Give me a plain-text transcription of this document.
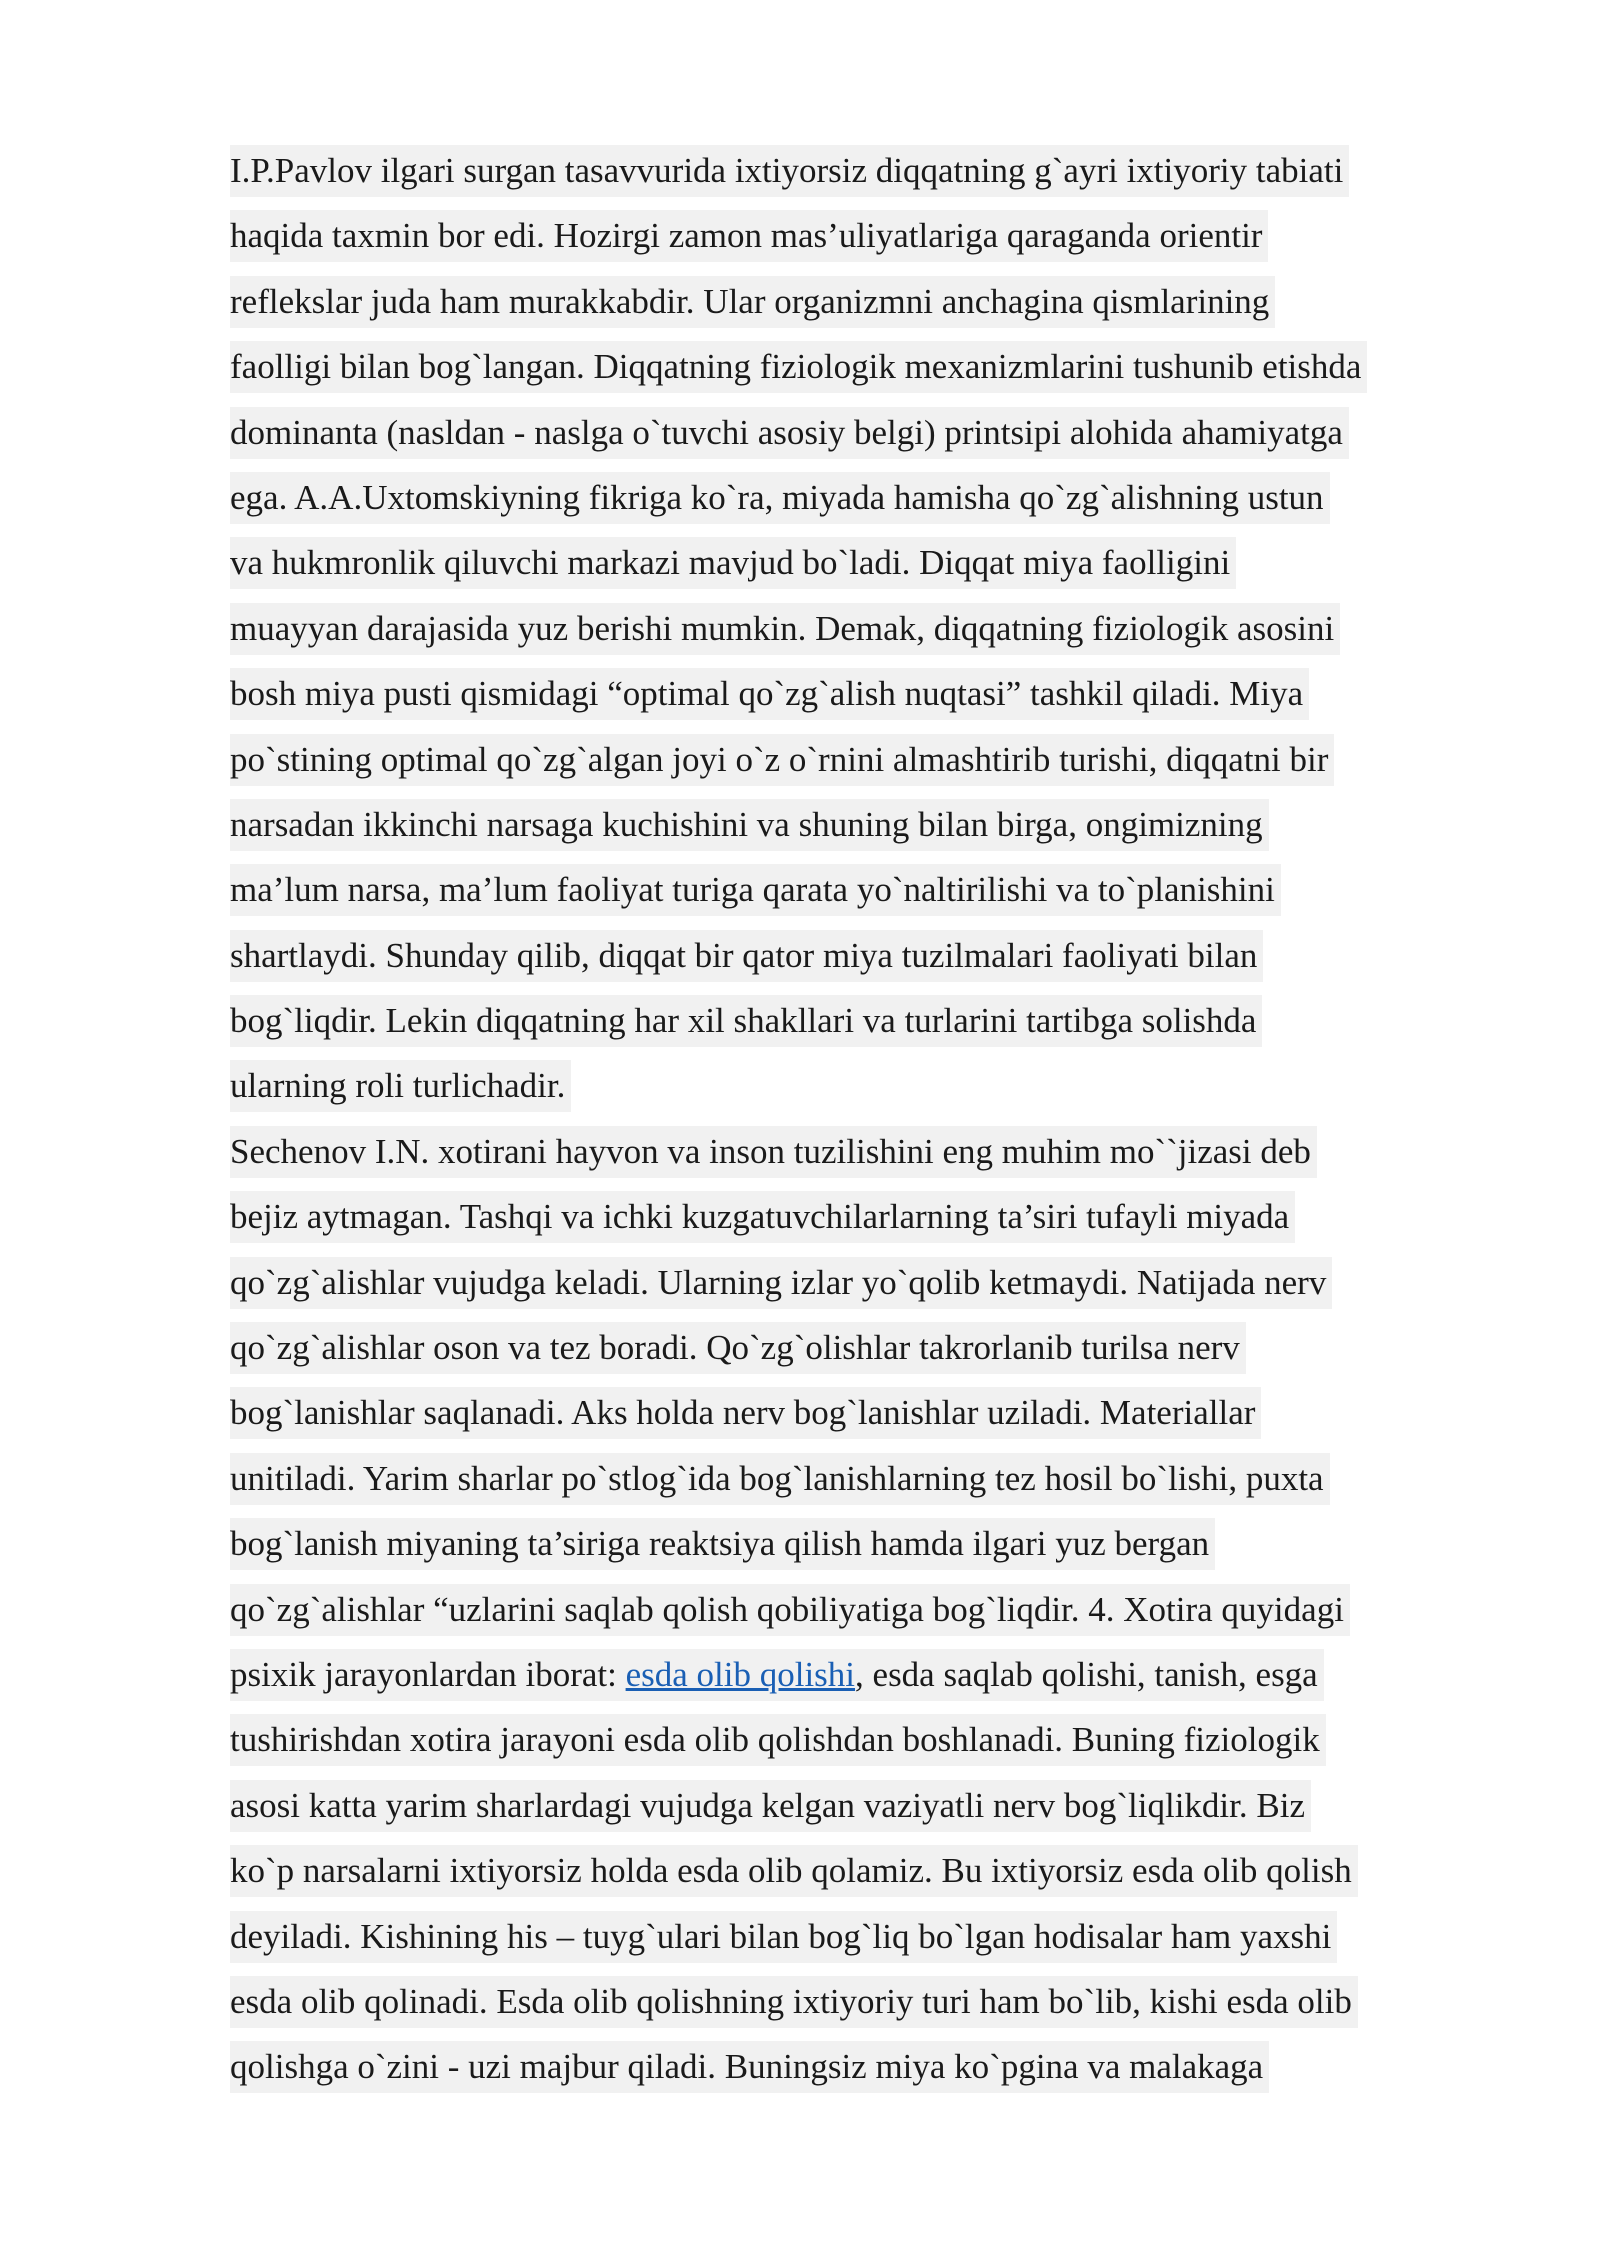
I.P.Pavlov ilgari surgan tasavvurida ixtiyorsiz diqqatning g`ayri ixtiyoriy tabiati
haqida taxmin bor edi. Hozirgi zamon mas’uliyatlariga qaraganda orientir
reflekslar juda ham murakkabdir. Ular organizmni anchagina qismlarining
faolligi bilan bog`langan. Diqqatning fiziologik mexanizmlarini tushunib etishda
dominanta (nasldan - naslga o`tuvchi asosiy belgi) printsipi alohida ahamiyatga
ega. A.A.Uxtomskiyning fikriga ko`ra, miyada hamisha qo`zg`alishning ustun
va hukmronlik qiluvchi markazi mavjud bo`ladi. Diqqat miya faolligini
muayyan darajasida yuz berishi mumkin. Demak, diqqatning fiziologik asosini
bosh miya pusti qismidagi “optimal qo`zg`alish nuqtasi” tashkil qiladi. Miya
po`stining optimal qo`zg`algan joyi o`z o`rnini almashtirib turishi, diqqatni bir
narsadan ikkinchi narsaga kuchishini va shuning bilan birga, ongimizning
ma’lum narsa, ma’lum faoliyat turiga qarata yo`naltirilishi va to`planishini
shartlaydi. Shunday qilib, diqqat bir qator miya tuzilmalari faoliyati bilan
bog`liqdir. Lekin diqqatning har xil shakllari va turlarini tartibga solishda
ularning roli turlichadir.
Sechenov I.N. xotirani hayvon va inson tuzilishini eng muhim mo``jizasi deb
bejiz aytmagan. Tashqi va ichki kuzgatuvchilarlarning ta’siri tufayli miyada
qo`zg`alishlar vujudga keladi. Ularning izlar yo`qolib ketmaydi. Natijada nerv
qo`zg`alishlar oson va tez boradi. Qo`zg`olishlar takrorlanib turilsa nerv
bog`lanishlar saqlanadi. Aks holda nerv bog`lanishlar uziladi. Materiallar
unitiladi. Yarim sharlar po`stlog`ida bog`lanishlarning tez hosil bo`lishi, puxta
bog`lanish miyaning ta’siriga reaktsiya qilish hamda ilgari yuz bergan
qo`zg`alishlar “uzlarini saqlab qolish qobiliyatiga bog`liqdir. 4. Xotira quyidagi
psixik jarayonlardan iborat: esda olib qolishi, esda saqlab qolishi, tanish, esga
tushirishdan xotira jarayoni esda olib qolishdan boshlanadi. Buning fiziologik
asosi katta yarim sharlardagi vujudga kelgan vaziyatli nerv bog`liqlikdir. Biz
ko`p narsalarni ixtiyorsiz holda esda olib qolamiz. Bu ixtiyorsiz esda olib qolish
deyiladi. Kishining his – tuyg`ulari bilan bog`liq bo`lgan hodisalar ham yaxshi
esda olib qolinadi. Esda olib qolishning ixtiyoriy turi ham bo`lib, kishi esda olib
qolishga o`zini - uzi majbur qiladi. Buningsiz miya ko`pgina va malakaga
